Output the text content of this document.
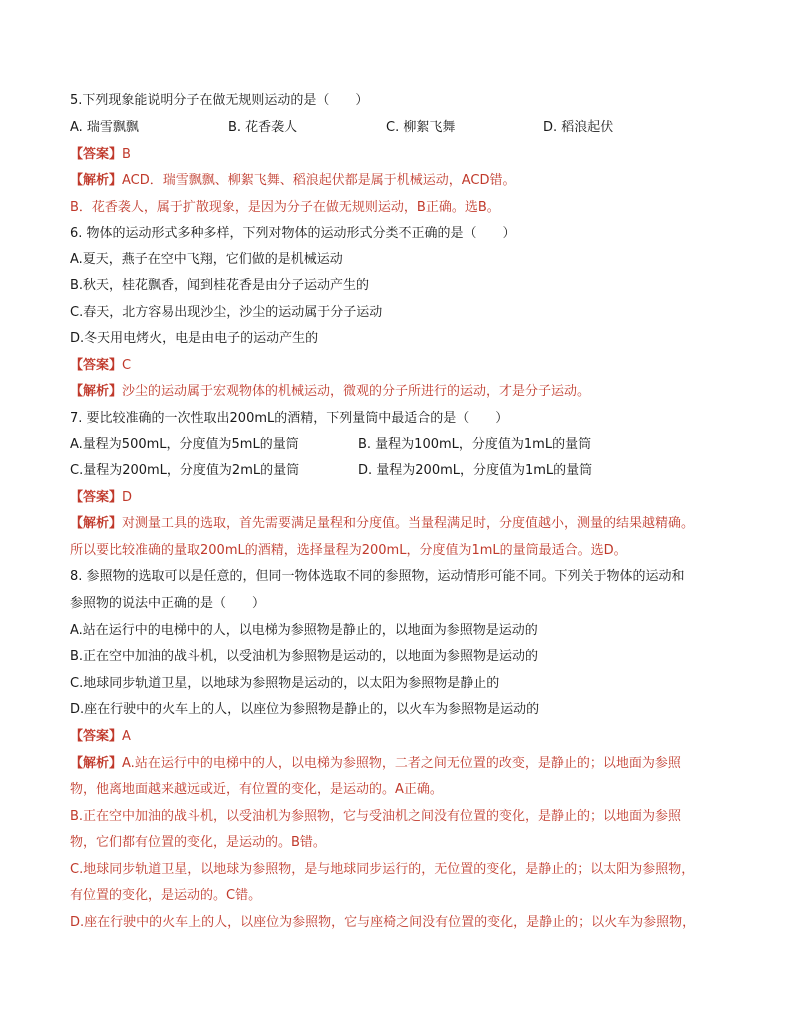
5.下列现象能说明分子在做无规则运动的是（　　）
A. 瑞雪飘飘	B. 花香袭人	C. 柳絮飞舞	D. 稻浪起伏
【答案】B
【解析】ACD．瑞雪飘飘、柳絮飞舞、稻浪起伏都是属于机械运动，ACD错。
B．花香袭人，属于扩散现象，是因为分子在做无规则运动，B正确。选B。
6. 物体的运动形式多种多样，下列对物体的运动形式分类不正确的是（　　）
A.夏天，燕子在空中飞翔，它们做的是机械运动
B.秋天，桂花飘香，闻到桂花香是由分子运动产生的
C.春天，北方容易出现沙尘，沙尘的运动属于分子运动
D.冬天用电烤火，电是由电子的运动产生的
【答案】C
【解析】沙尘的运动属于宏观物体的机械运动，微观的分子所进行的运动，才是分子运动。
7. 要比较准确的一次性取出200mL的酒精，下列量筒中最适合的是（　　）
A.量程为500mL，分度值为5mL的量筒	B. 量程为100mL，分度值为1mL的量筒
C.量程为200mL，分度值为2mL的量筒	D. 量程为200mL，分度值为1mL的量筒
【答案】D
【解析】对测量工具的选取，首先需要满足量程和分度值。当量程满足时，分度值越小，测量的结果越精确。
所以要比较准确的量取200mL的酒精，选择量程为200mL，分度值为1mL的量筒最适合。选D。
8. 参照物的选取可以是任意的，但同一物体选取不同的参照物，运动情形可能不同。下列关于物体的运动和
参照物的说法中正确的是（　　）
A.站在运行中的电梯中的人，以电梯为参照物是静止的，以地面为参照物是运动的
B.正在空中加油的战斗机，以受油机为参照物是运动的，以地面为参照物是运动的
C.地球同步轨道卫星，以地球为参照物是运动的，以太阳为参照物是静止的
D.座在行驶中的火车上的人，以座位为参照物是静止的，以火车为参照物是运动的
【答案】A
【解析】A.站在运行中的电梯中的人，以电梯为参照物，二者之间无位置的改变，是静止的；以地面为参照
物，他离地面越来越远或近，有位置的变化，是运动的。A正确。
B.正在空中加油的战斗机，以受油机为参照物，它与受油机之间没有位置的变化，是静止的；以地面为参照
物，它们都有位置的变化，是运动的。B错。
C.地球同步轨道卫星，以地球为参照物，是与地球同步运行的，无位置的变化，是静止的；以太阳为参照物，
有位置的变化，是运动的。C错。
D.座在行驶中的火车上的人，以座位为参照物，它与座椅之间没有位置的变化，是静止的；以火车为参照物，
